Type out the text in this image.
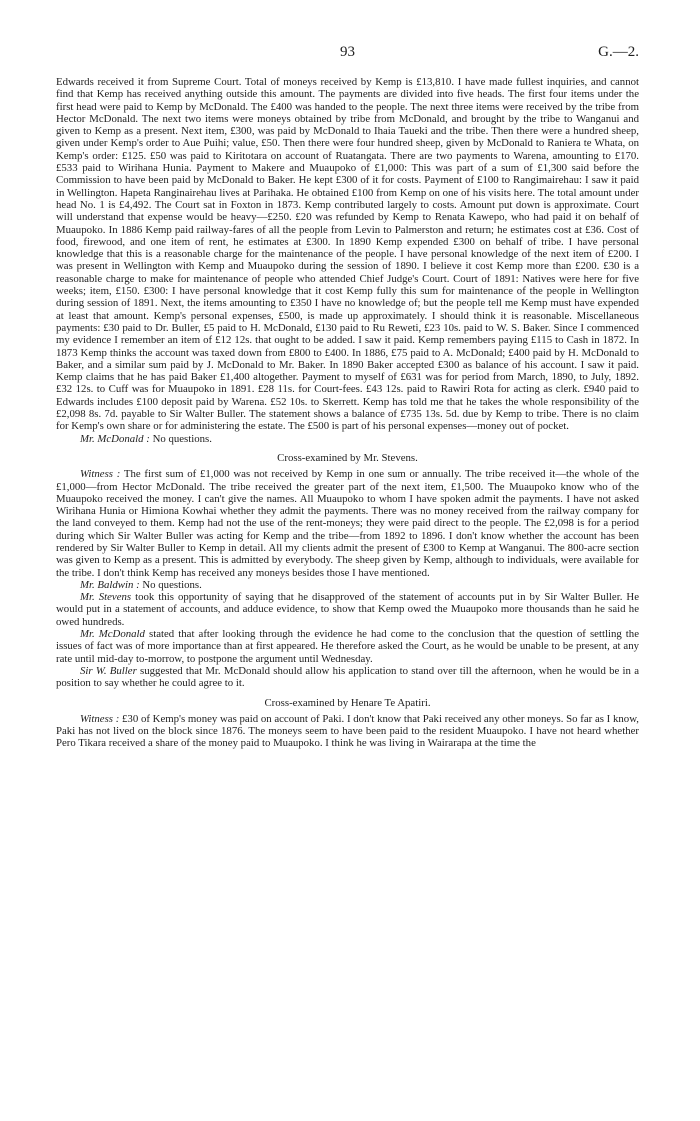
93	G.—2.

Edwards received it from Supreme Court. Total of moneys received by Kemp is £13,810. I have made fullest inquiries, and cannot find that Kemp has received anything outside this amount. The payments are divided into five heads. The first four items under the first head were paid to Kemp by McDonald. The £400 was handed to the people. The next three items were received by the tribe from Hector McDonald. The next two items were moneys obtained by tribe from McDonald, and brought by the tribe to Wanganui and given to Kemp as a present. Next item, £300, was paid by McDonald to Ihaia Taueki and the tribe. Then there were a hundred sheep, given under Kemp's order to Aue Puihi; value, £50. Then there were four hundred sheep, given by McDonald to Raniera te Whata, on Kemp's order: £125. £50 was paid to Kiritotara on account of Ruatangata. There are two payments to Warena, amounting to £170. £533 paid to Wirihana Hunia. Payment to Makere and Muaupoko of £1,000: This was part of a sum of £1,300 said before the Commission to have been paid by McDonald to Baker. He kept £300 of it for costs. Payment of £100 to Rangimairehau: I saw it paid in Wellington. Hapeta Ranginairehau lives at Parihaka. He obtained £100 from Kemp on one of his visits here. The total amount under head No. 1 is £4,492. The Court sat in Foxton in 1873. Kemp contributed largely to costs. Amount put down is approximate. Court will understand that expense would be heavy—£250. £20 was refunded by Kemp to Renata Kawepo, who had paid it on behalf of Muaupoko. In 1886 Kemp paid railway-fares of all the people from Levin to Palmerston and return; he estimates cost at £36. Cost of food, firewood, and one item of rent, he estimates at £300. In 1890 Kemp expended £300 on behalf of tribe. I have personal knowledge that this is a reasonable charge for the maintenance of the people. I have personal knowledge of the next item of £200. I was present in Wellington with Kemp and Muaupoko during the session of 1890. I believe it cost Kemp more than £200. £30 is a reasonable charge to make for maintenance of people who attended Chief Judge's Court. Court of 1891: Natives were here for five weeks; item, £150. £300: I have personal knowledge that it cost Kemp fully this sum for maintenance of the people in Wellington during session of 1891. Next, the items amounting to £350 I have no knowledge of; but the people tell me Kemp must have expended at least that amount. Kemp's personal expenses, £500, is made up approximately. I should think it is reasonable. Miscellaneous payments: £30 paid to Dr. Buller, £5 paid to H. McDonald, £130 paid to Ru Reweti, £23 10s. paid to W. S. Baker. Since I commenced my evidence I remember an item of £12 12s. that ought to be added. I saw it paid. Kemp remembers paying £115 to Cash in 1872. In 1873 Kemp thinks the account was taxed down from £800 to £400. In 1886, £75 paid to A. McDonald; £400 paid by H. McDonald to Baker, and a similar sum paid by J. McDonald to Mr. Baker. In 1890 Baker accepted £300 as balance of his account. I saw it paid. Kemp claims that he has paid Baker £1,400 altogether. Payment to myself of £631 was for period from March, 1890, to July, 1892. £32 12s. to Cuff was for Muaupoko in 1891. £28 11s. for Court-fees. £43 12s. paid to Rawiri Rota for acting as clerk. £940 paid to Edwards includes £100 deposit paid by Warena. £52 10s. to Skerrett. Kemp has told me that he takes the whole responsibility of the £2,098 8s. 7d. payable to Sir Walter Buller. The statement shows a balance of £735 13s. 5d. due by Kemp to tribe. There is no claim for Kemp's own share or for administering the estate. The £500 is part of his personal expenses—money out of pocket.

Mr. McDonald : No questions.

Cross-examined by Mr. Stevens.

Witness : The first sum of £1,000 was not received by Kemp in one sum or annually. The tribe received it—the whole of the £1,000—from Hector McDonald. The tribe received the greater part of the next item, £1,500. The Muaupoko know who of the Muaupoko received the money. I can't give the names. All Muaupoko to whom I have spoken admit the payments. I have not asked Wirihana Hunia or Himiona Kowhai whether they admit the payments. There was no money received from the railway company for the land conveyed to them. Kemp had not the use of the rent-moneys; they were paid direct to the people. The £2,098 is for a period during which Sir Walter Buller was acting for Kemp and the tribe—from 1892 to 1896. I don't know whether the account has been rendered by Sir Walter Buller to Kemp in detail. All my clients admit the present of £300 to Kemp at Wanganui. The 800-acre section was given to Kemp as a present. This is admitted by everybody. The sheep given by Kemp, although to individuals, were available for the tribe. I don't think Kemp has received any moneys besides those I have mentioned.

Mr. Baldwin : No questions.

Mr. Stevens took this opportunity of saying that he disapproved of the statement of accounts put in by Sir Walter Buller. He would put in a statement of accounts, and adduce evidence, to show that Kemp owed the Muaupoko more thousands than he said he owed hundreds.

Mr. McDonald stated that after looking through the evidence he had come to the conclusion that the question of settling the issues of fact was of more importance than at first appeared. He therefore asked the Court, as he would be unable to be present, at any rate until mid-day to-morrow, to postpone the argument until Wednesday.

Sir W. Buller suggested that Mr. McDonald should allow his application to stand over till the afternoon, when he would be in a position to say whether he could agree to it.

Cross-examined by Henare Te Apatiri.

Witness : £30 of Kemp's money was paid on account of Paki. I don't know that Paki received any other moneys. So far as I know, Paki has not lived on the block since 1876. The moneys seem to have been paid to the resident Muaupoko. I have not heard whether Pero Tikara received a share of the money paid to Muaupoko. I think he was living in Wairarapa at the time the
